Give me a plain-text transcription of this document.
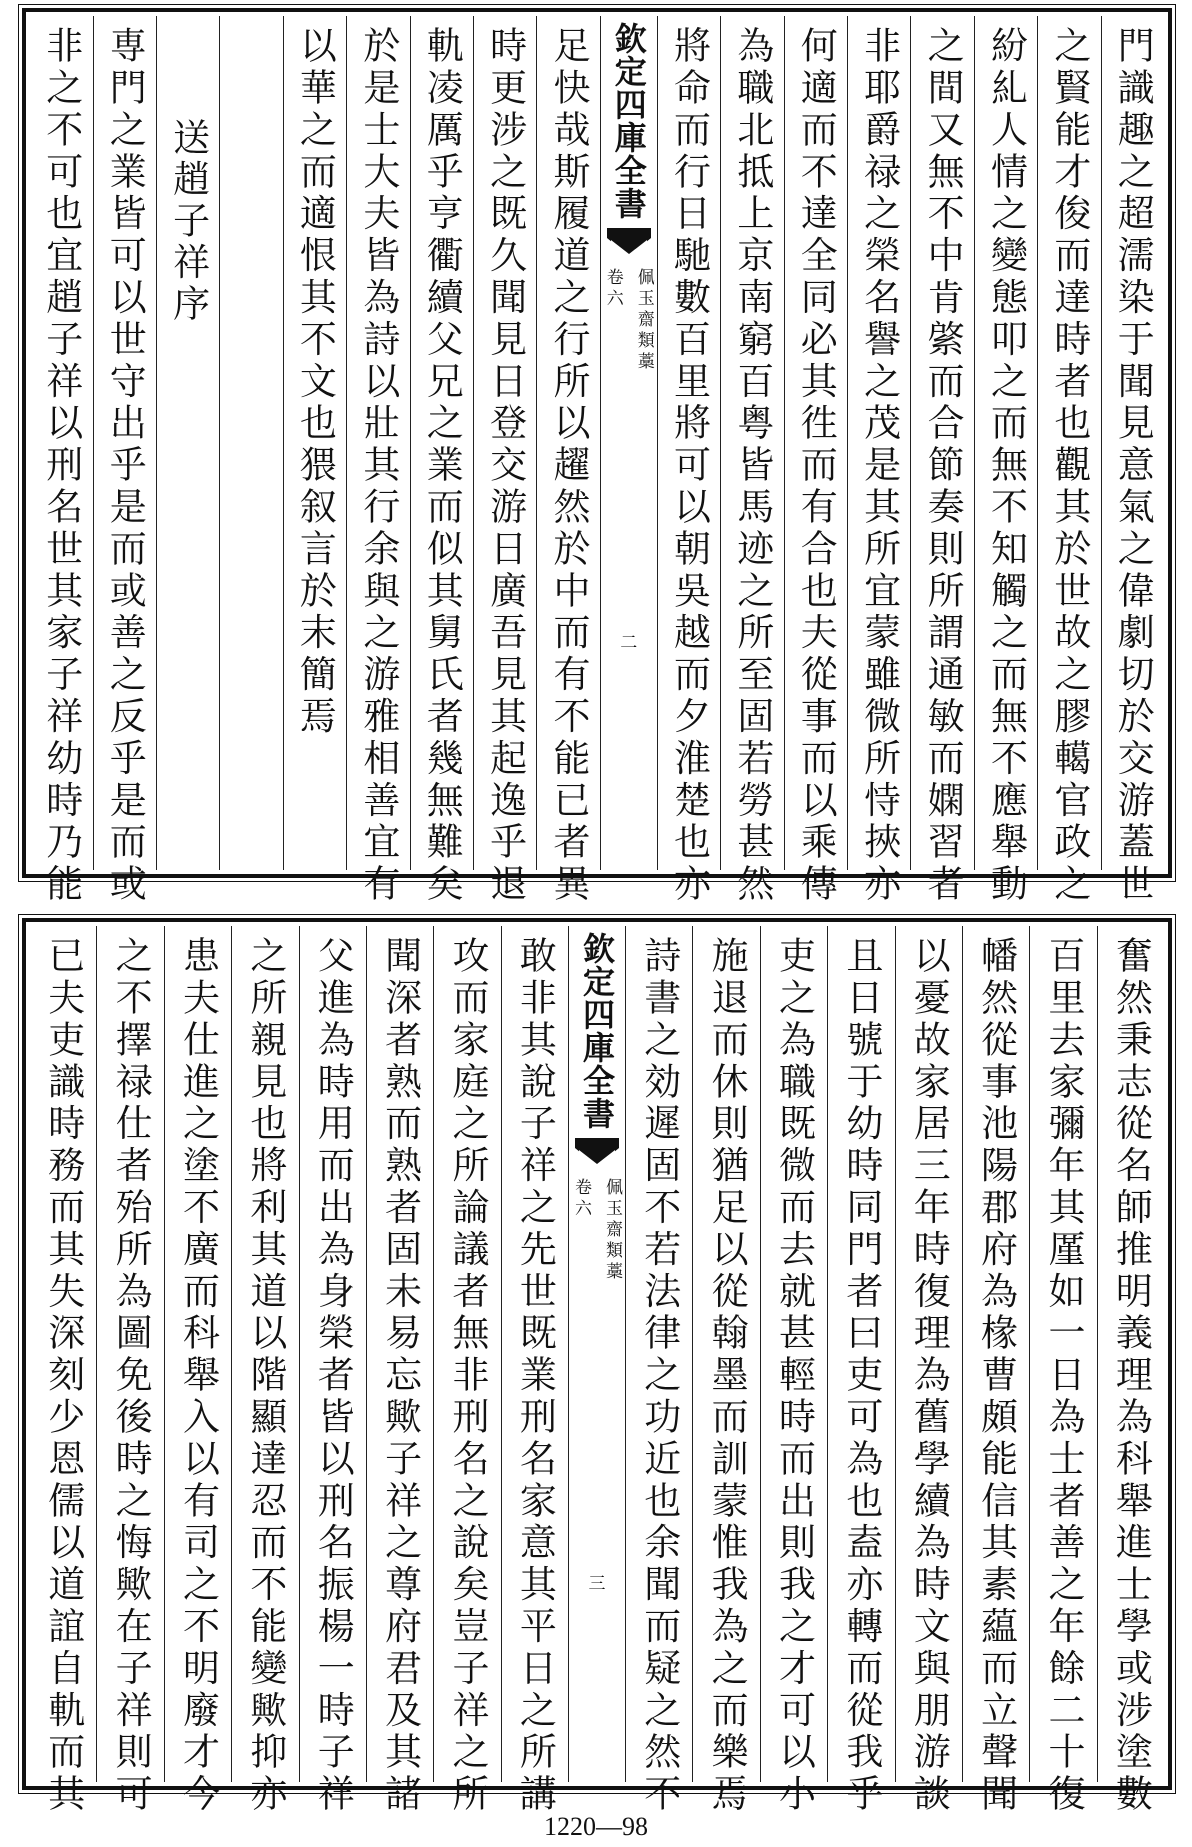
門識趣之超濡染于聞見意氣之偉劇切於交游蓋世
之賢能才俊而達時者也觀其於世故之膠轕官政之
紛糺人情之變態叩之而無不知觸之而無不應舉動
之間又無不中肯綮而合節奏則所謂通敏而嫻習者
非耶爵禄之榮名譽之茂是其所宜蒙雖微所恃挾亦
何適而不達全同必其徃而有合也夫從事而以乘傳
為職北抵上京南窮百粤皆馬迹之所至固若勞甚然
將命而行日馳數百里將可以朝吳越而夕淮楚也亦
欽定四庫全書
佩玉齋類藁
卷六
二
足快哉斯履道之行所以趯然於中而有不能已者異
時更涉之既久聞見日登交游日廣吾見其起逸乎退
軌凌厲乎亨衢續父兄之業而似其舅氏者幾無難矣
於是士大夫皆為詩以壯其行余與之游雅相善宜有
以華之而適恨其不文也猥叙言於末簡焉
送趙子祥序
専門之業皆可以世守出乎是而或善之反乎是而或
非之不可也宜趙子祥以刑名世其家子祥幼時乃能
奮然秉志從名師推明義理為科舉進士學或涉塗數
百里去家彌年其厪如一日為士者善之年餘二十復
幡然從事池陽郡府為椽曹頗能信其素藴而立聲聞
以憂故家居三年時復理為舊學續為時文與朋游談
且日號于幼時同門者曰吏可為也盍亦轉而從我乎
吏之為職既微而去就甚輕時而出則我之才可以小
施退而休則猶足以從翰墨而訓蒙惟我為之而樂焉
詩書之効遲固不若法律之功近也余聞而疑之然不
欽定四庫全書
佩玉齋類藁
卷六
三
敢非其說子祥之先世既業刑名家意其平日之所講
攻而家庭之所論議者無非刑名之說矣豈子祥之所
聞深者熟而熟者固未易忘歟子祥之尊府君及其諸
父進為時用而出為身榮者皆以刑名振楊一時子祥
之所親見也將利其道以階顯達忍而不能變歟抑亦
患夫仕進之塗不廣而科舉入以有司之不明廢才今
之不擇禄仕者殆所為圖免後時之悔歟在子祥則可
已夫吏識時務而其失深刻少恩儒以道誼自軌而其
1220—98
